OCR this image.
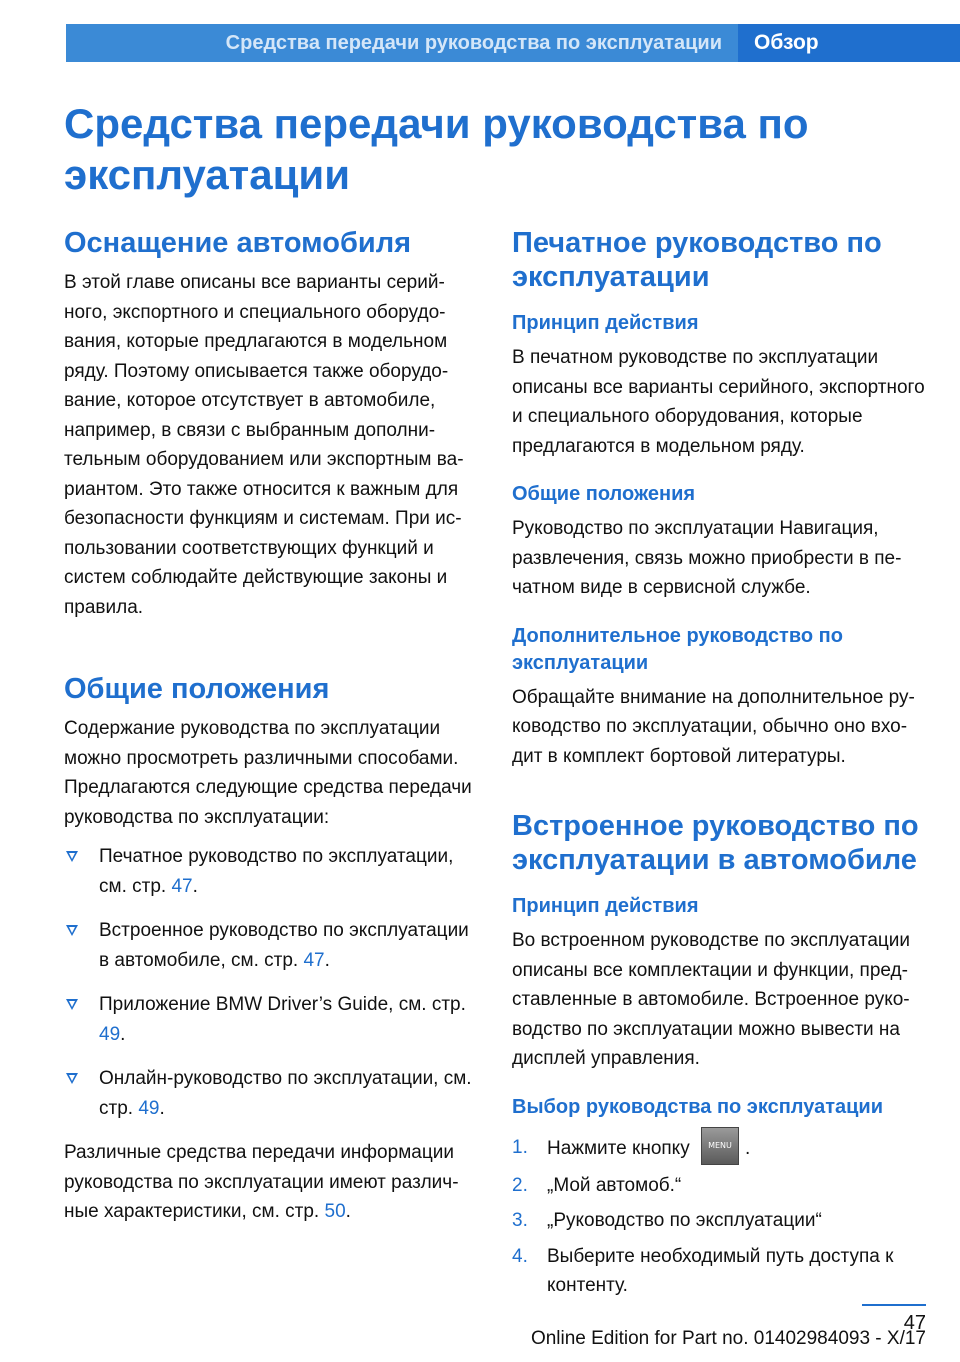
Средства передачи руководства по эксплуатации	Обзор
Средства передачи руководства по эксплуатации
Оснащение автомобиля

В этой главе описаны все варианты серийного, экспортного и специального оборудования, которые предлагаются в модельном ряду. Поэтому описывается также оборудование, которое отсутствует в автомобиле, например, в связи с выбранным дополнительным оборудованием или экспортным вариантом. Это также относится к важным для безопасности функциям и системам. При использовании соответствующих функций и систем соблюдайте действующие законы и правила.

Общие положения

Содержание руководства по эксплуатации можно просмотреть различными способами. Предлагаются следующие средства передачи руководства по эксплуатации:

Печатное руководство по эксплуатации, см. стр. 47.
Встроенное руководство по эксплуатации в автомобиле, см. стр. 47.
Приложение BMW Driver’s Guide, см. стр. 49.
Онлайн-руководство по эксплуатации, см. стр. 49.

Различные средства передачи информации руководства по эксплуатации имеют различные характеристики, см. стр. 50.

Печатное руководство по эксплуатации
Принцип действия

В печатном руководстве по эксплуатации описаны все варианты серийного, экспортного и специального оборудования, которые предлагаются в модельном ряду.

Общие положения

Руководство по эксплуатации Навигация, развлечения, связь можно приобрести в печатном виде в сервисной службе.

Дополнительное руководство по эксплуатации

Обращайте внимание на дополнительное руководство по эксплуатации, обычно оно входит в комплект бортовой литературы.

Встроенное руководство по эксплуатации в автомобиле
Принцип действия

Во встроенном руководстве по эксплуатации описаны все комплектации и функции, представленные в автомобиле. Встроенное руководство по эксплуатации можно вывести на дисплей управления.

Выбор руководства по эксплуатации
1. Нажмите кнопку MENU .
2. „Мой автомоб.“
3. „Руководство по эксплуатации“
4. Выберите необходимый путь доступа к контенту.
47
Online Edition for Part no. 01402984093 - X/17
